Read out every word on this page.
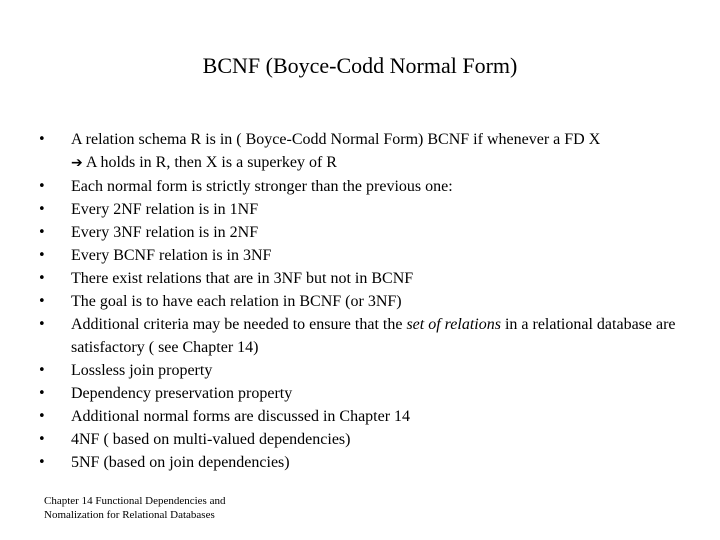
BCNF (Boyce-Codd Normal Form)
• A relation schema R is in ( Boyce-Codd Normal Form) BCNF if whenever a FD X
➔ A holds in R, then X is a superkey of R
• Each normal form is strictly stronger than the previous one:
• Every 2NF relation is in 1NF
• Every 3NF relation is in 2NF
• Every BCNF relation is in 3NF
• There exist relations that are in 3NF but not in BCNF
• The goal is to have each relation in BCNF (or 3NF)
• Additional criteria may be needed to ensure that the set of relations in a relational database are satisfactory ( see Chapter 14)
• Lossless join property
• Dependency preservation property
• Additional normal forms are discussed in Chapter 14
• 4NF ( based on multi-valued dependencies)
• 5NF (based on join dependencies)
Chapter 14 Functional Dependencies and
Nomalization for Relational Databases
